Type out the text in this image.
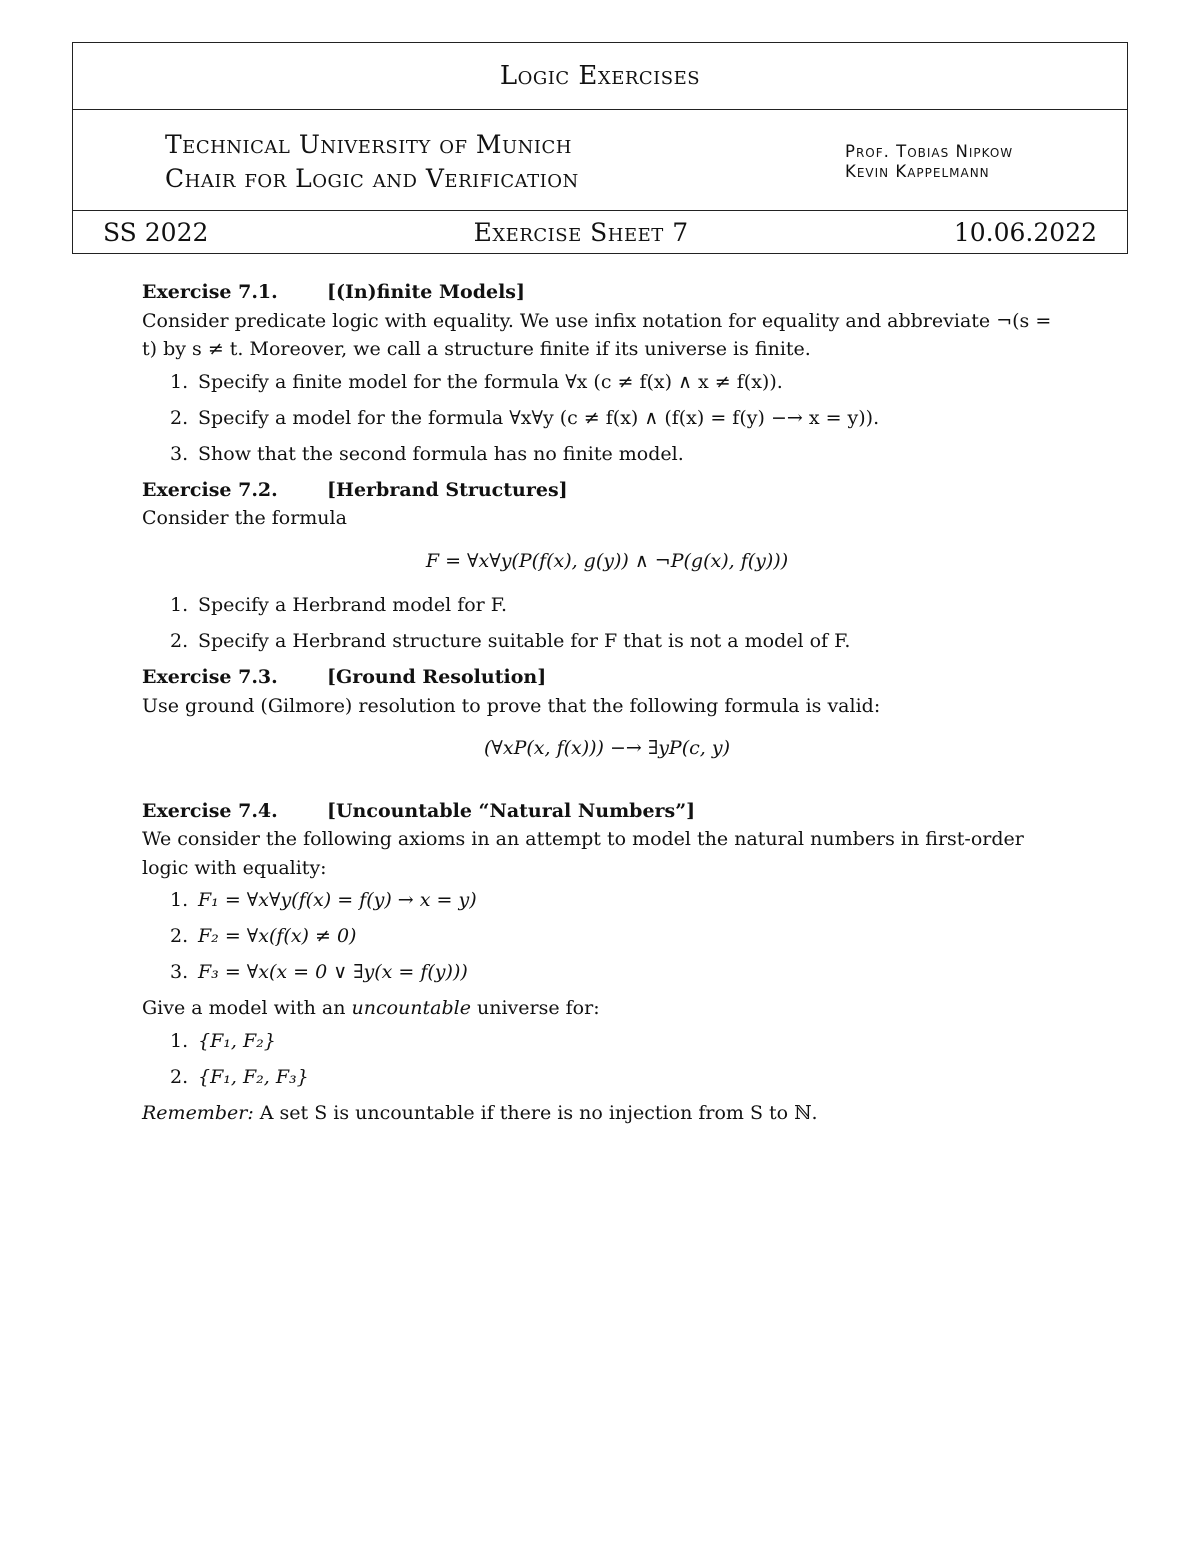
Logic Exercises
Technical University of Munich
Chair for Logic and Verification
Prof. Tobias Nipkow
Kevin Kappelmann
SS 2022	Exercise Sheet 7	10.06.2022

Exercise 7.1.	[(In)finite Models]

Consider predicate logic with equality. We use infix notation for equality and abbreviate ¬(s = t) by s ≠ t. Moreover, we call a structure finite if its universe is finite.

1. Specify a finite model for the formula ∀x (c ≠ f(x) ∧ x ≠ f(x)).
2. Specify a model for the formula ∀x∀y (c ≠ f(x) ∧ (f(x) = f(y) −→ x = y)).
3. Show that the second formula has no finite model.

Exercise 7.2.	[Herbrand Structures]

Consider the formula

F = ∀x∀y(P(f(x), g(y)) ∧ ¬P(g(x), f(y)))
1. Specify a Herbrand model for F.
2. Specify a Herbrand structure suitable for F that is not a model of F.

Exercise 7.3.	[Ground Resolution]

Use ground (Gilmore) resolution to prove that the following formula is valid:

(∀xP(x, f(x))) −→ ∃yP(c, y)

Exercise 7.4.	[Uncountable “Natural Numbers”]

We consider the following axioms in an attempt to model the natural numbers in first-order logic with equality:

1. F₁ = ∀x∀y(f(x) = f(y) → x = y)
2. F₂ = ∀x(f(x) ≠ 0)
3. F₃ = ∀x(x = 0 ∨ ∃y(x = f(y)))

Give a model with an uncountable universe for:

1. {F₁, F₂}
2. {F₁, F₂, F₃}

Remember: A set S is uncountable if there is no injection from S to ℕ.
